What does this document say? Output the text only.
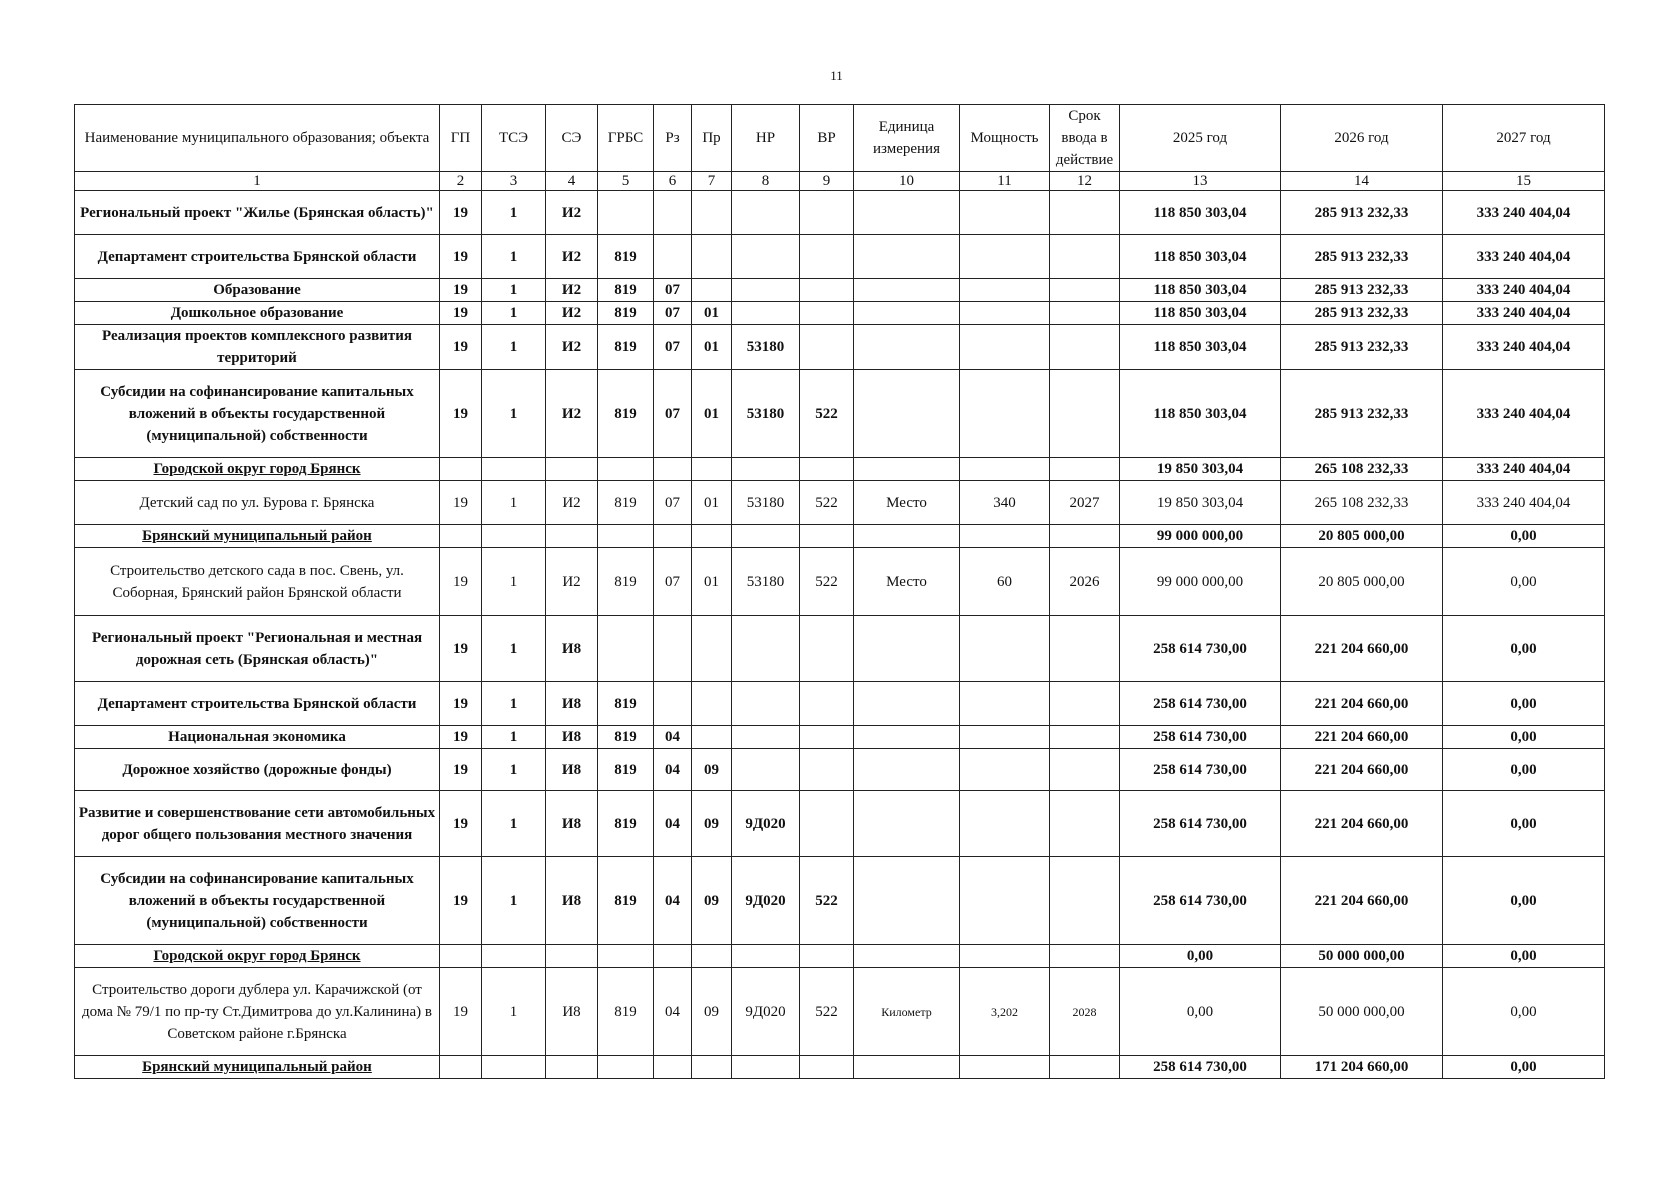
11
Наименование муниципального образования; объекта	ГП	ТСЭ	СЭ	ГРБС	Рз	Пр	НР	ВР	Единица измерения	Мощность	Срок ввода в действие	2025 год	2026 год	2027 год
1	2	3	4	5	6	7	8	9	10	11	12	13	14	15
Региональный проект "Жилье (Брянская область)"	19	1	И2									118 850 303,04	285 913 232,33	333 240 404,04
Департамент строительства Брянской области	19	1	И2	819								118 850 303,04	285 913 232,33	333 240 404,04
Образование	19	1	И2	819	07							118 850 303,04	285 913 232,33	333 240 404,04
Дошкольное образование	19	1	И2	819	07	01						118 850 303,04	285 913 232,33	333 240 404,04
Реализация проектов комплексного развития территорий	19	1	И2	819	07	01	53180					118 850 303,04	285 913 232,33	333 240 404,04
Субсидии на софинансирование капитальных вложений в объекты государственной (муниципальной) собственности	19	1	И2	819	07	01	53180	522				118 850 303,04	285 913 232,33	333 240 404,04
Городской округ город Брянск												19 850 303,04	265 108 232,33	333 240 404,04
Детский сад по ул. Бурова г. Брянска	19	1	И2	819	07	01	53180	522	Место	340	2027	19 850 303,04	265 108 232,33	333 240 404,04
Брянский муниципальный район												99 000 000,00	20 805 000,00	0,00
Строительство детского сада в пос. Свень, ул. Соборная, Брянский район Брянской области	19	1	И2	819	07	01	53180	522	Место	60	2026	99 000 000,00	20 805 000,00	0,00
Региональный проект "Региональная и местная дорожная сеть (Брянская область)"	19	1	И8									258 614 730,00	221 204 660,00	0,00
Департамент строительства Брянской области	19	1	И8	819								258 614 730,00	221 204 660,00	0,00
Национальная экономика	19	1	И8	819	04							258 614 730,00	221 204 660,00	0,00
Дорожное хозяйство (дорожные фонды)	19	1	И8	819	04	09						258 614 730,00	221 204 660,00	0,00
Развитие и совершенствование сети автомобильных дорог общего пользования местного значения	19	1	И8	819	04	09	9Д020					258 614 730,00	221 204 660,00	0,00
Субсидии на софинансирование капитальных вложений в объекты государственной (муниципальной) собственности	19	1	И8	819	04	09	9Д020	522				258 614 730,00	221 204 660,00	0,00
Городской округ город Брянск												0,00	50 000 000,00	0,00
Строительство дороги дублера ул. Карачижской (от дома № 79/1 по пр-ту Ст.Димитрова до ул.Калинина) в Советском районе г.Брянска	19	1	И8	819	04	09	9Д020	522	Километр	3,202	2028	0,00	50 000 000,00	0,00
Брянский муниципальный район												258 614 730,00	171 204 660,00	0,00
